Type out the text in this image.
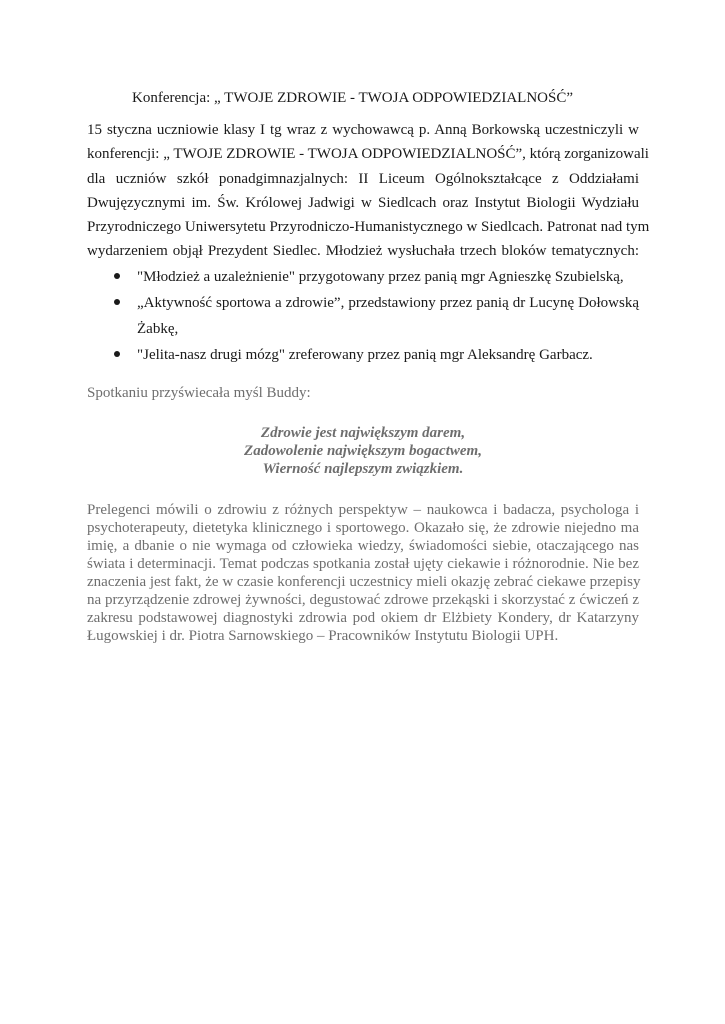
Konferencja: „ TWOJE ZDROWIE - TWOJA ODPOWIEDZIALNOŚĆ”
15 styczna uczniowie klasy I tg wraz z wychowawcą p. Anną Borkowską uczestniczyli w
konferencji: „ TWOJE ZDROWIE - TWOJA ODPOWIEDZIALNOŚĆ”, którą zorganizowali
dla uczniów szkół ponadgimnazjalnych: II Liceum Ogólnokształcące z Oddziałami
Dwujęzycznymi im. Św. Królowej Jadwigi w Siedlcach oraz Instytut Biologii Wydziału
Przyrodniczego Uniwersytetu Przyrodniczo-Humanistycznego w Siedlcach. Patronat nad tym
wydarzeniem objął Prezydent Siedlec. Młodzież wysłuchała trzech bloków tematycznych:
"Młodzież a uzależnienie" przygotowany przez panią mgr Agnieszkę Szubielską,
„Aktywność sportowa a zdrowie”, przedstawiony przez panią dr Lucynę Dołowską
Żabkę,
"Jelita-nasz drugi mózg" zreferowany przez panią mgr Aleksandrę Garbacz.
Spotkaniu przyświecała myśl Buddy:
Zdrowie jest największym darem,
Zadowolenie największym bogactwem,
Wierność najlepszym związkiem.
Prelegenci mówili o zdrowiu z różnych perspektyw – naukowca i badacza, psychologa i
psychoterapeuty, dietetyka klinicznego i sportowego. Okazało się, że zdrowie niejedno ma
imię, a dbanie o nie wymaga od człowieka wiedzy, świadomości siebie, otaczającego nas
świata i determinacji. Temat podczas spotkania został ujęty ciekawie i różnorodnie. Nie bez
znaczenia jest fakt, że w czasie konferencji uczestnicy mieli okazję zebrać ciekawe przepisy
na przyrządzenie zdrowej żywności, degustować zdrowe przekąski i skorzystać z ćwiczeń z
zakresu podstawowej diagnostyki zdrowia pod okiem dr Elżbiety Kondery, dr Katarzyny
Ługowskiej i dr. Piotra Sarnowskiego – Pracowników Instytutu Biologii UPH.
